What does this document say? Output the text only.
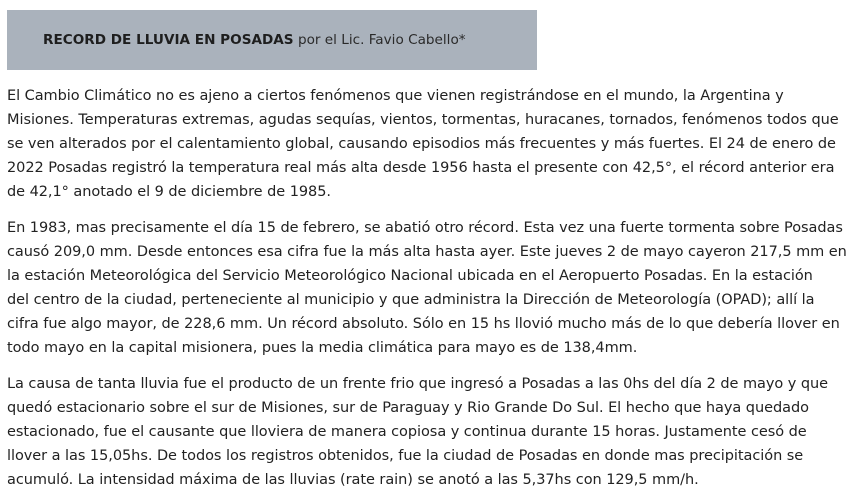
RECORD DE LLUVIA EN POSADAS
por el Lic. Favio Cabello*

El Cambio Climático no es ajeno a ciertos fenómenos que vienen registrándose en el mundo, la Argentina y
Misiones. Temperaturas extremas, agudas sequías, vientos, tormentas, huracanes, tornados, fenómenos todos que
se ven alterados por el calentamiento global, causando episodios más frecuentes y más fuertes. El 24 de enero de
2022 Posadas registró la temperatura real más alta desde 1956 hasta el presente con 42,5°, el récord anterior era
de 42,1° anotado el 9 de diciembre de 1985.

En 1983, mas precisamente el día 15 de febrero, se abatió otro récord. Esta vez una fuerte tormenta sobre Posadas
causó 209,0 mm. Desde entonces esa cifra fue la más alta hasta ayer. Este jueves 2 de mayo cayeron 217,5 mm en
la estación Meteorológica del Servicio Meteorológico Nacional ubicada en el Aeropuerto Posadas. En la estación
del centro de la ciudad, perteneciente al municipio y que administra la Dirección de Meteorología (OPAD); allí la
cifra fue algo mayor, de 228,6 mm. Un récord absoluto. Sólo en 15 hs llovió mucho más de lo que debería llover en
todo mayo en la capital misionera, pues la media climática para mayo es de 138,4mm.

La causa de tanta lluvia fue el producto de un frente frio que ingresó a Posadas a las 0hs del día 2 de mayo y que
quedó estacionario sobre el sur de Misiones, sur de Paraguay y Rio Grande Do Sul. El hecho que haya quedado
estacionado, fue el causante que lloviera de manera copiosa y continua durante 15 horas. Justamente cesó de
llover a las 15,05hs. De todos los registros obtenidos, fue la ciudad de Posadas en donde mas precipitación se
acumuló. La intensidad máxima de las lluvias (rate rain) se anotó a las 5,37hs con 129,5 mm/h.
